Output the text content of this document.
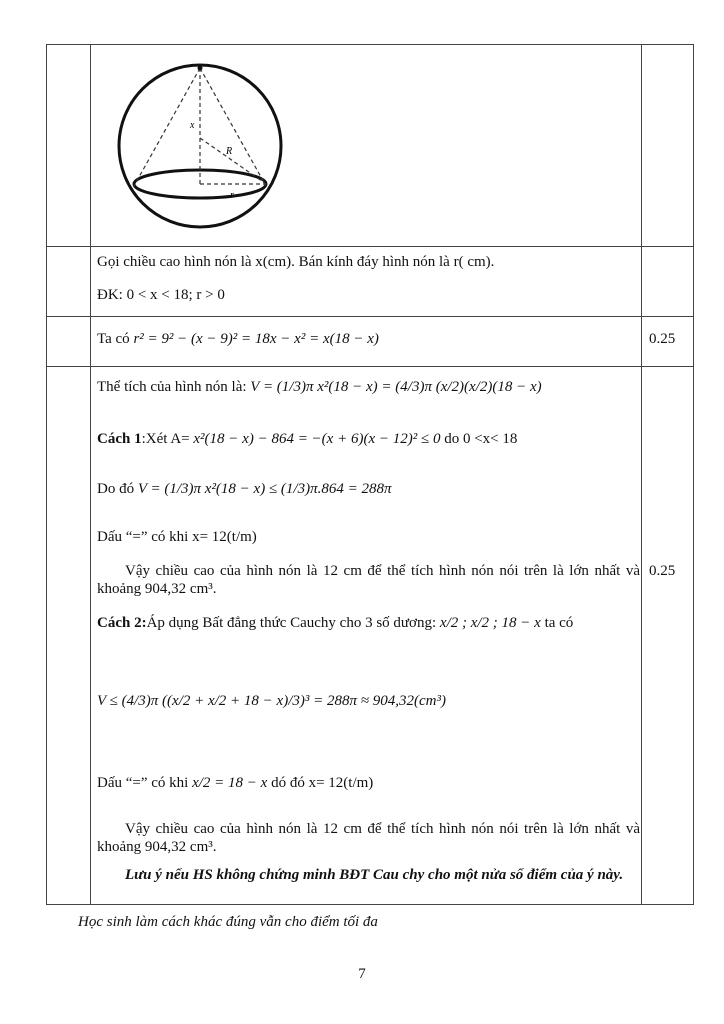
x
R
r
Gọi chiều cao hình nón là x(cm). Bán kính đáy hình nón là r( cm).
ĐK: 0 < x < 18; r > 0
Ta có r² = 9² − (x − 9)² = 18x − x² = x(18 − x)	0.25
Thể tích của hình nón là: V = (1/3)π x²(18 − x) = (4/3)π (x/2)(x/2)(18 − x)
Cách 1:Xét A= x²(18 − x) − 864 = −(x + 6)(x − 12)² ≤ 0 do 0 <x< 18
Do đó V = (1/3)π x²(18 − x) ≤ (1/3)π.864 = 288π
Dấu “=” có khi x= 12(t/m)
Vậy chiều cao của hình nón là 12 cm để thể tích hình nón nói trên là lớn nhất và khoảng 904,32 cm³.
0.25
Cách 2:Áp dụng Bất đẳng thức Cauchy cho 3 số dương: x/2 ; x/2 ; 18 − x ta có
V ≤ (4/3)π ((x/2 + x/2 + 18 − x)/3)³ = 288π ≈ 904,32(cm³)
Dấu “=” có khi x/2 = 18 − x dó đó x= 12(t/m)
Vậy chiều cao của hình nón là 12 cm để thể tích hình nón nói trên là lớn nhất và khoảng 904,32 cm³.
Lưu ý nếu HS không chứng minh BĐT Cau chy cho một nửa số điểm của ý này.
Học sinh làm cách khác đúng vẫn cho điểm tối đa
7
